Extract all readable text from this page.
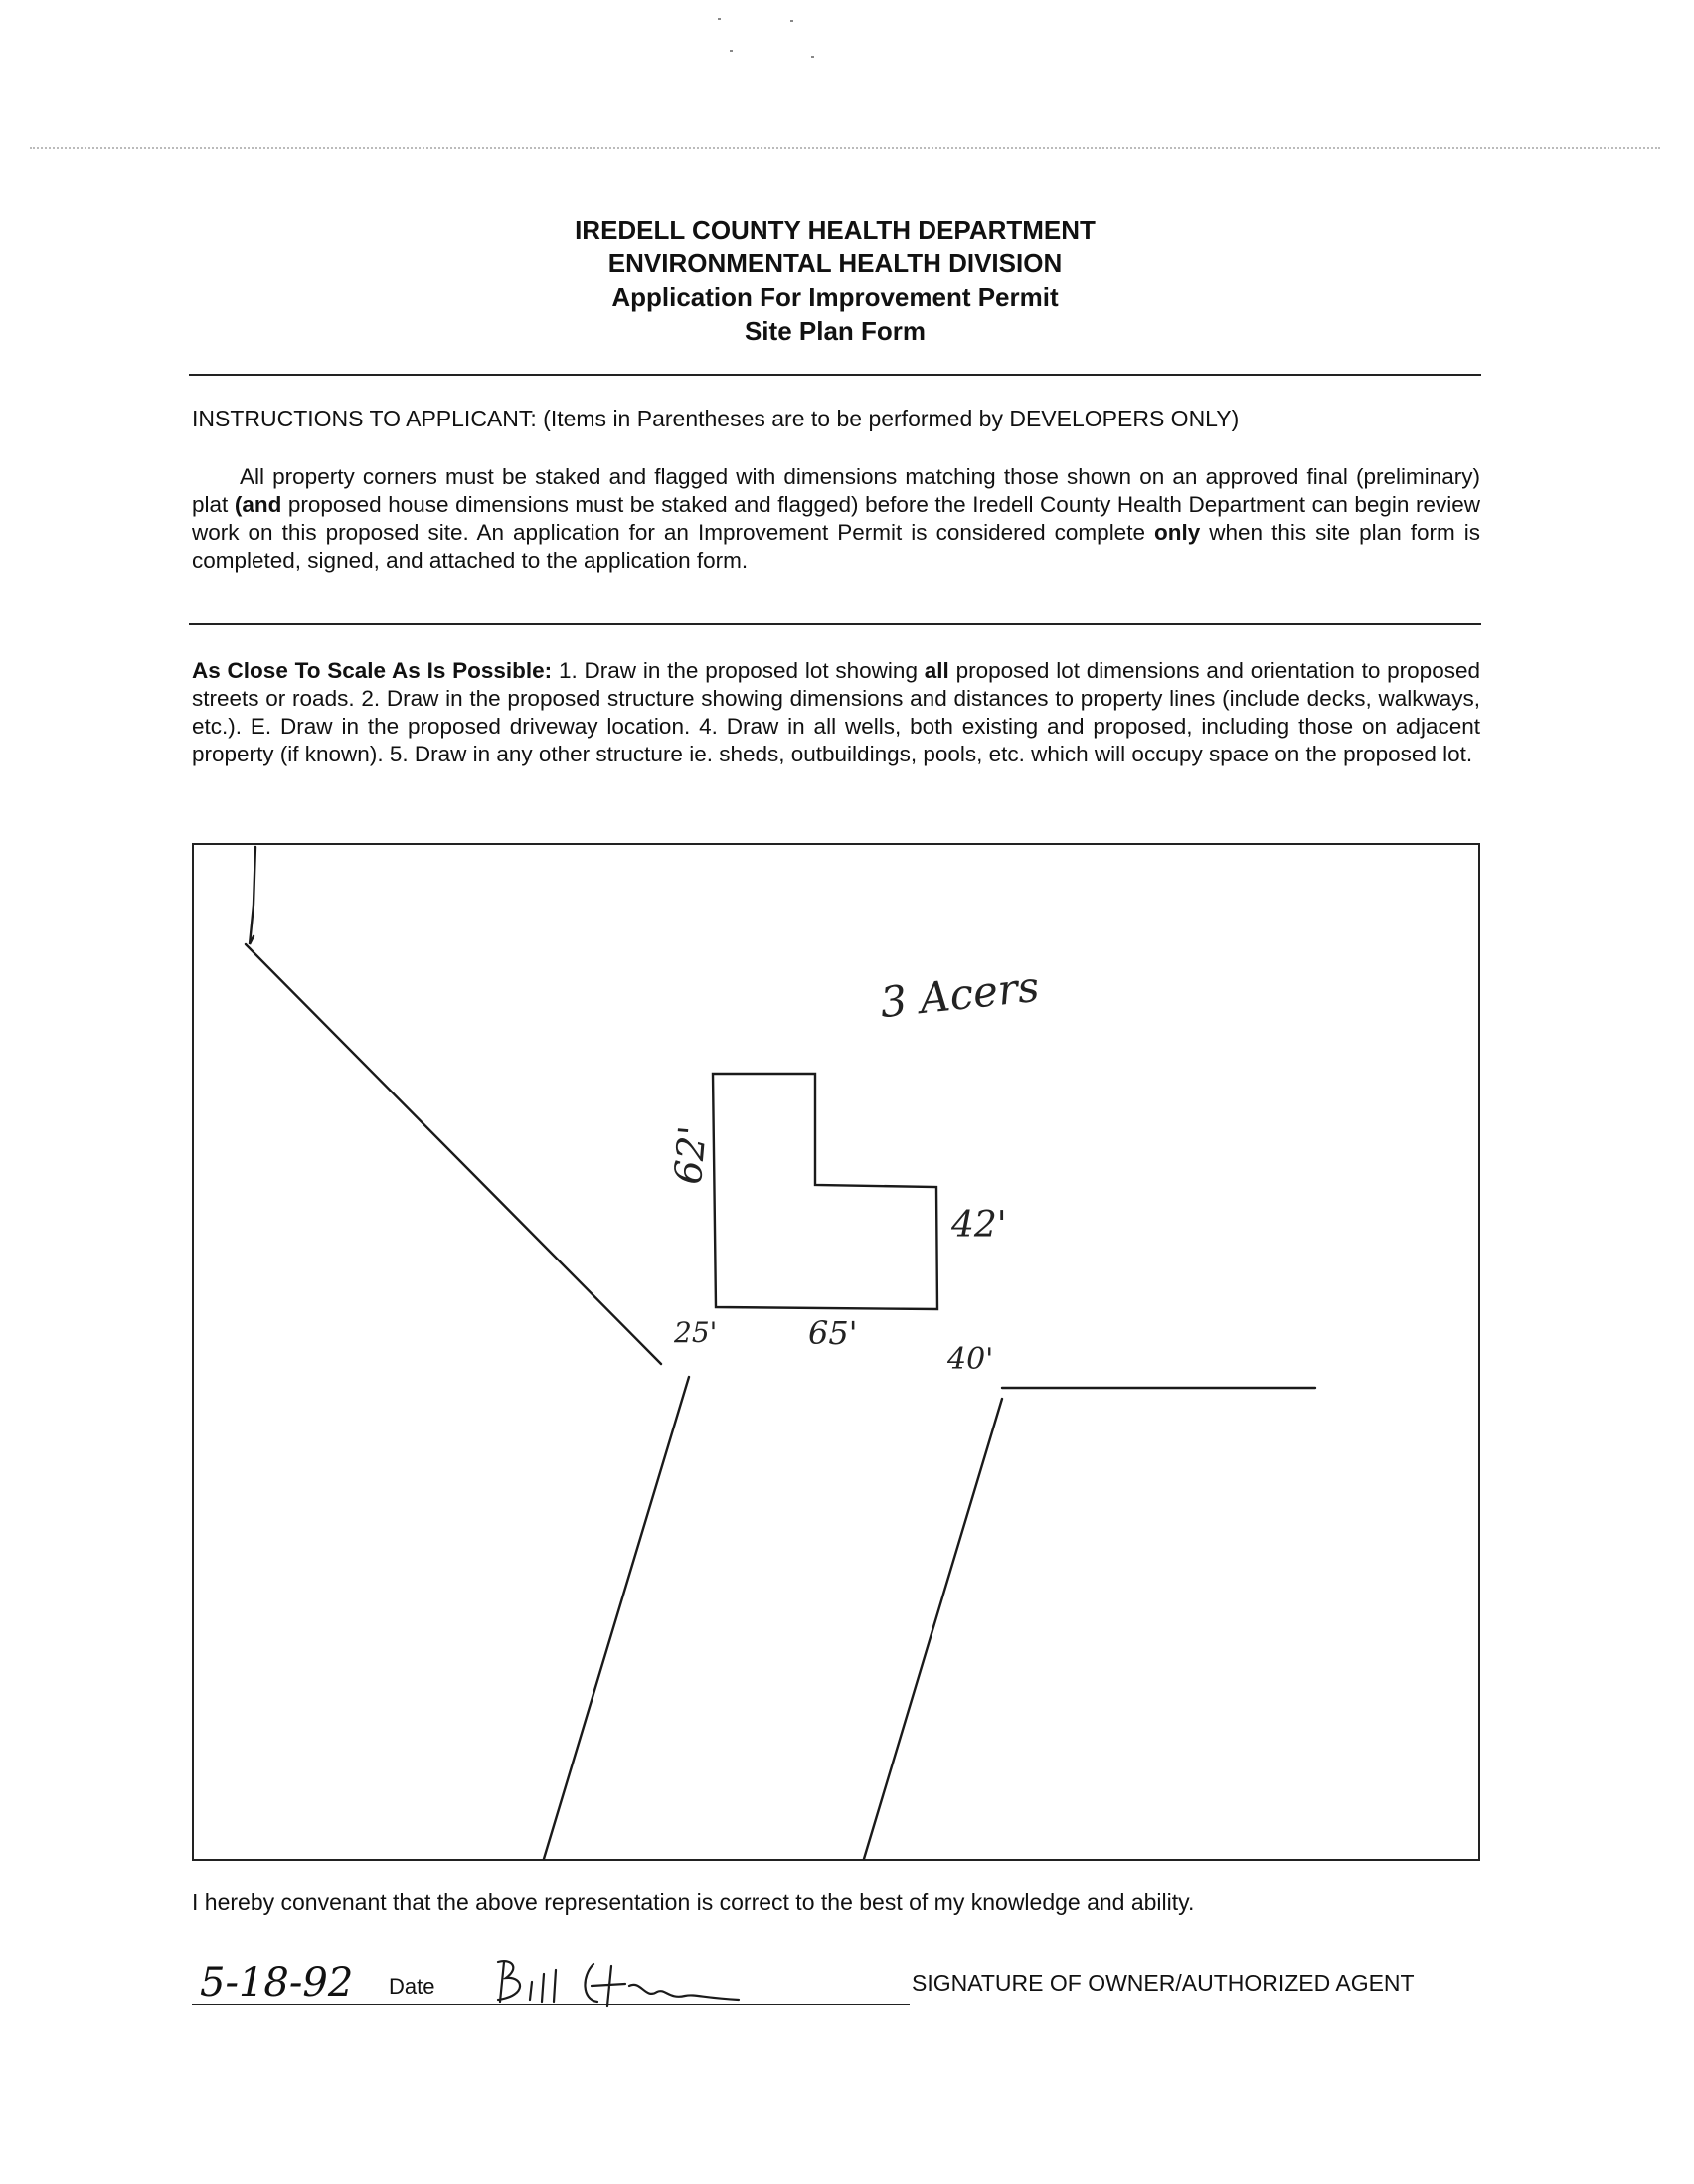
IREDELL COUNTY HEALTH DEPARTMENT
ENVIRONMENTAL HEALTH DIVISION
Application For Improvement Permit
Site Plan Form
INSTRUCTIONS TO APPLICANT: (Items in Parentheses are to be performed by DEVELOPERS ONLY)
All property corners must be staked and flagged with dimensions matching those shown on an approved final (preliminary) plat (and proposed house dimensions must be staked and flagged) before the Iredell County Health Department can begin review work on this proposed site. An application for an Improvement Permit is considered complete only when this site plan form is completed, signed, and attached to the application form.
As Close To Scale As Is Possible: 1. Draw in the proposed lot showing all proposed lot dimensions and orientation to proposed streets or roads. 2. Draw in the proposed structure showing dimensions and distances to property lines (include decks, walkways, etc.). E. Draw in the proposed driveway location. 4. Draw in all wells, both existing and proposed, including those on adjacent property (if known). 5. Draw in any other structure ie. sheds, outbuildings, pools, etc. which will occupy space on the proposed lot.
3 Acers
62'
42'
65'
25'
40'
I hereby convenant that the above representation is correct to the best of my knowledge and ability.
5-18-92 Date	SIGNATURE OF OWNER/AUTHORIZED AGENT
